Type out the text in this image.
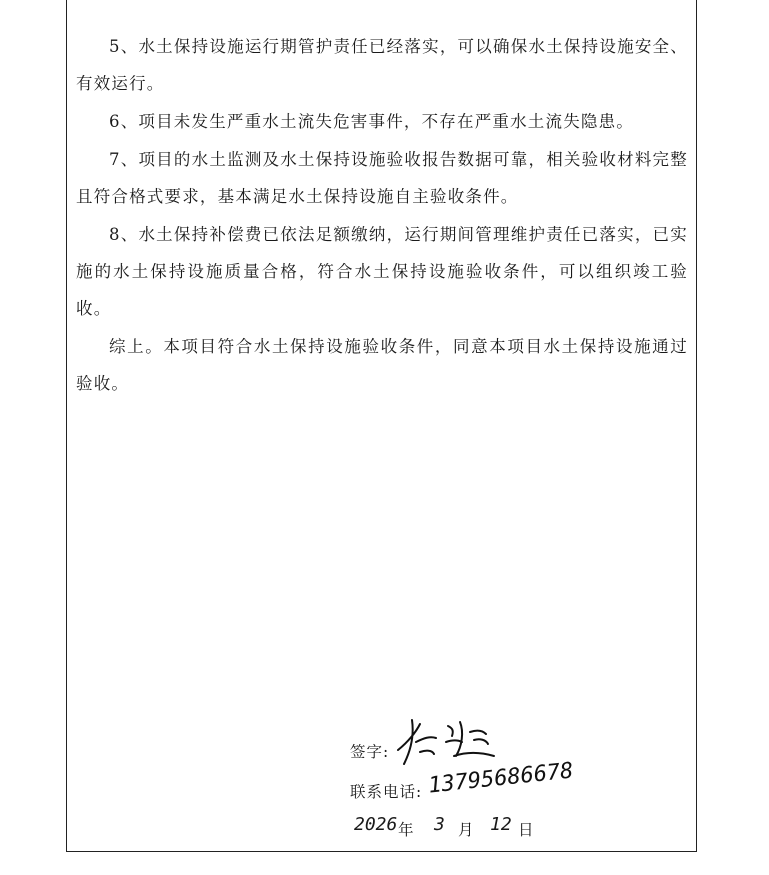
5、水土保持设施运行期管护责任已经落实，可以确保水土保持设施安全、有效运行。

6、项目未发生严重水土流失危害事件，不存在严重水土流失隐患。

7、项目的水土监测及水土保持设施验收报告数据可靠，相关验收材料完整且符合格式要求，基本满足水土保持设施自主验收条件。

8、水土保持补偿费已依法足额缴纳，运行期间管理维护责任已落实，已实施的水土保持设施质量合格，符合水土保持设施验收条件，可以组织竣工验收。

综上。本项目符合水土保持设施验收条件，同意本项目水土保持设施通过验收。

签字:
联系电话: 13795686678
2026 年 3 月 12 日
